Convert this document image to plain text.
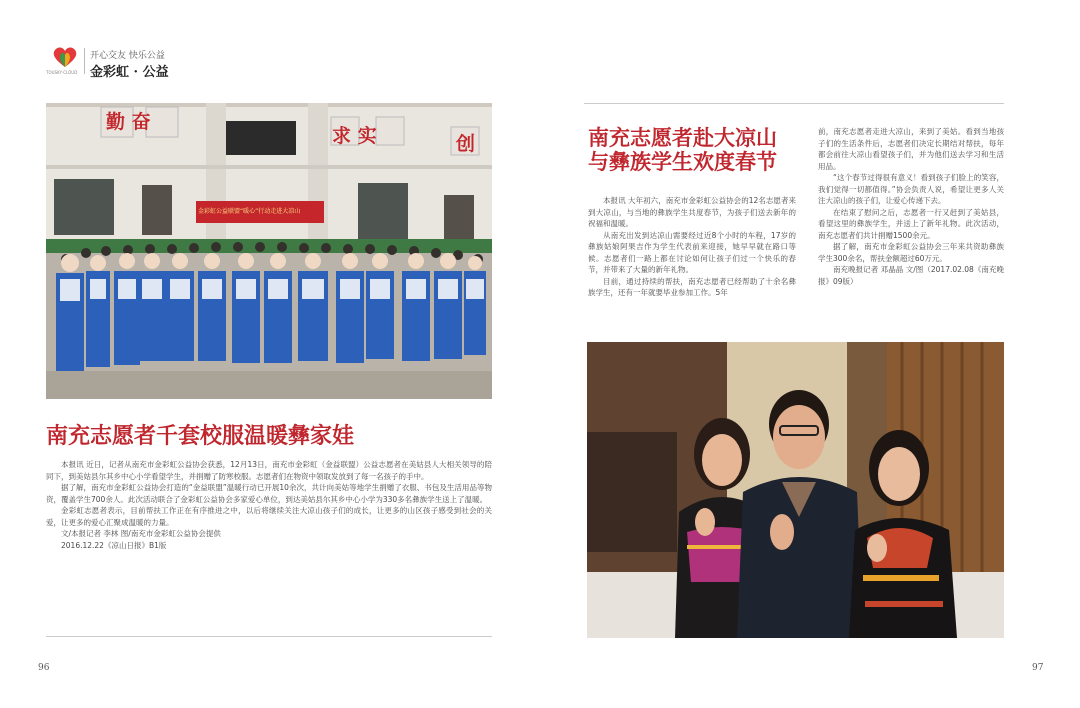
TOUSKY·CLOUD
开心交友 快乐公益
金彩虹 · 公益
勤 奋
求 实	创
金彩虹公益联盟“暖心”行动走进大凉山
南充志愿者千套校服温暖彝家娃

本报讯 近日，记者从南充市金彩虹公益协会获悉，12月13日，南充市金彩虹（金益联盟）公益志愿者在美姑县人大相关领导的陪同下，到美姑县尔其乡中心小学看望学生，并捐赠了防寒校服。志愿者们在物资中领取发放到了每一名孩子的手中。

据了解，南充市金彩虹公益协会打造的“金益联盟”温暖行动已开展10余次，共计向美姑等地学生捐赠了衣服、书包及生活用品等物资，覆盖学生700余人。此次活动联合了金彩虹公益协会多家爱心单位，到达美姑县尔其乡中心小学为330多名彝族学生送上了温暖。

金彩虹志愿者表示，目前帮扶工作正在有序推进之中，以后将继续关注大凉山孩子们的成长，让更多的山区孩子感受到社会的关爱，让更多的爱心汇聚成温暖的力量。

文/本报记者 李林 图/南充市金彩虹公益协会提供

2016.12.22《凉山日报》B1版

96
南充志愿者赴大凉山
与彝族学生欢度春节

本报讯 大年初六，南充市金彩虹公益协会的12名志愿者来到大凉山，与当地的彝族学生共度春节，为孩子们送去新年的祝福和温暖。

从南充出发到达凉山需要经过近8个小时的车程，17岁的彝族姑娘阿果吉作为学生代表前来迎接，她早早就在路口等候。志愿者们一路上都在讨论如何让孩子们过一个快乐的春节，并带来了大量的新年礼物。

目前，通过持续的帮扶，南充志愿者已经帮助了十余名彝族学生，还有一年就要毕业参加工作。5年

前，南充志愿者走进大凉山，来到了美姑。看到当地孩子们的生活条件后，志愿者们决定长期结对帮扶，每年都会前往大凉山看望孩子们，并为他们送去学习和生活用品。

“这个春节过得很有意义！看到孩子们脸上的笑容，我们觉得一切都值得。”协会负责人说，希望让更多人关注大凉山的孩子们，让爱心传递下去。

在结束了慰问之后，志愿者一行又赶到了美姑县，看望这里的彝族学生，并送上了新年礼物。此次活动，南充志愿者们共计捐赠1500余元。

据了解，南充市金彩虹公益协会三年来共资助彝族学生300余名，帮扶金额超过60万元。

南充晚报记者 邓晶晶 文/图（2017.02.08《南充晚报》09版）

97
